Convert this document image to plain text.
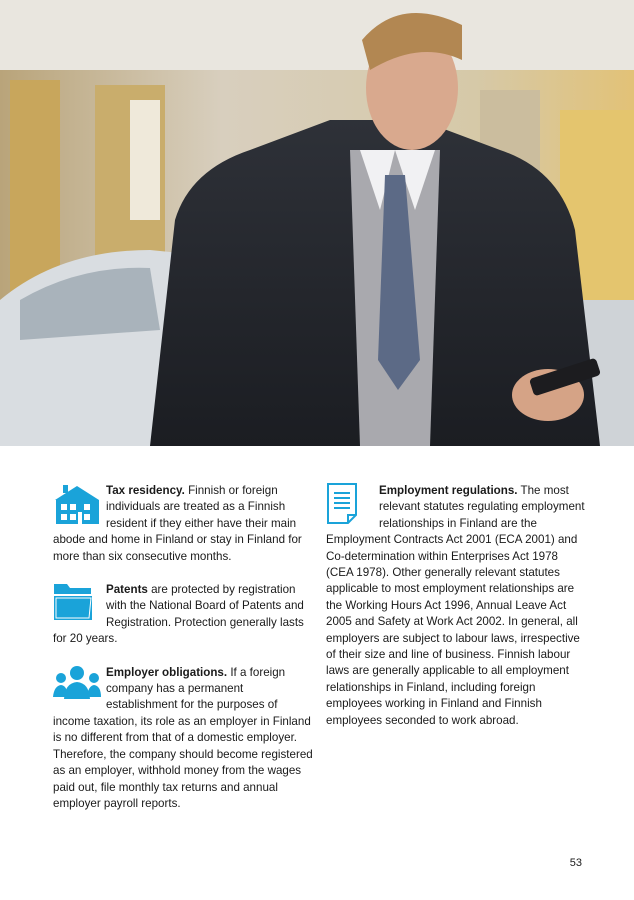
Tax residency. Finnish or foreign individuals are treated as a Finnish resident if they either have their main abode and home in Finland or stay in Finland for more than six consecutive months.
Patents are protected by registration with the National Board of Patents and Registration. Protection generally lasts for 20 years.
Employer obligations. If a foreign company has a permanent establishment for the purposes of income taxation, its role as an employer in Finland is no different from that of a domestic employer. Therefore, the company should become registered as an employer, withhold money from the wages paid out, file monthly tax returns and annual employer payroll reports.
Employment regulations. The most relevant statutes regulating employment relationships in Finland are the Employment Contracts Act 2001 (ECA 2001) and Co-determination within Enterprises Act 1978 (CEA 1978). Other generally relevant statutes applicable to most employment relationships are the Working Hours Act 1996, Annual Leave Act 2005 and Safety at Work Act 2002. In general, all employers are subject to labour laws, irrespective of their size and line of business. Finnish labour laws are generally applicable to all employment relationships in Finland, including foreign employees working in Finland and Finnish employees seconded to work abroad.
53
